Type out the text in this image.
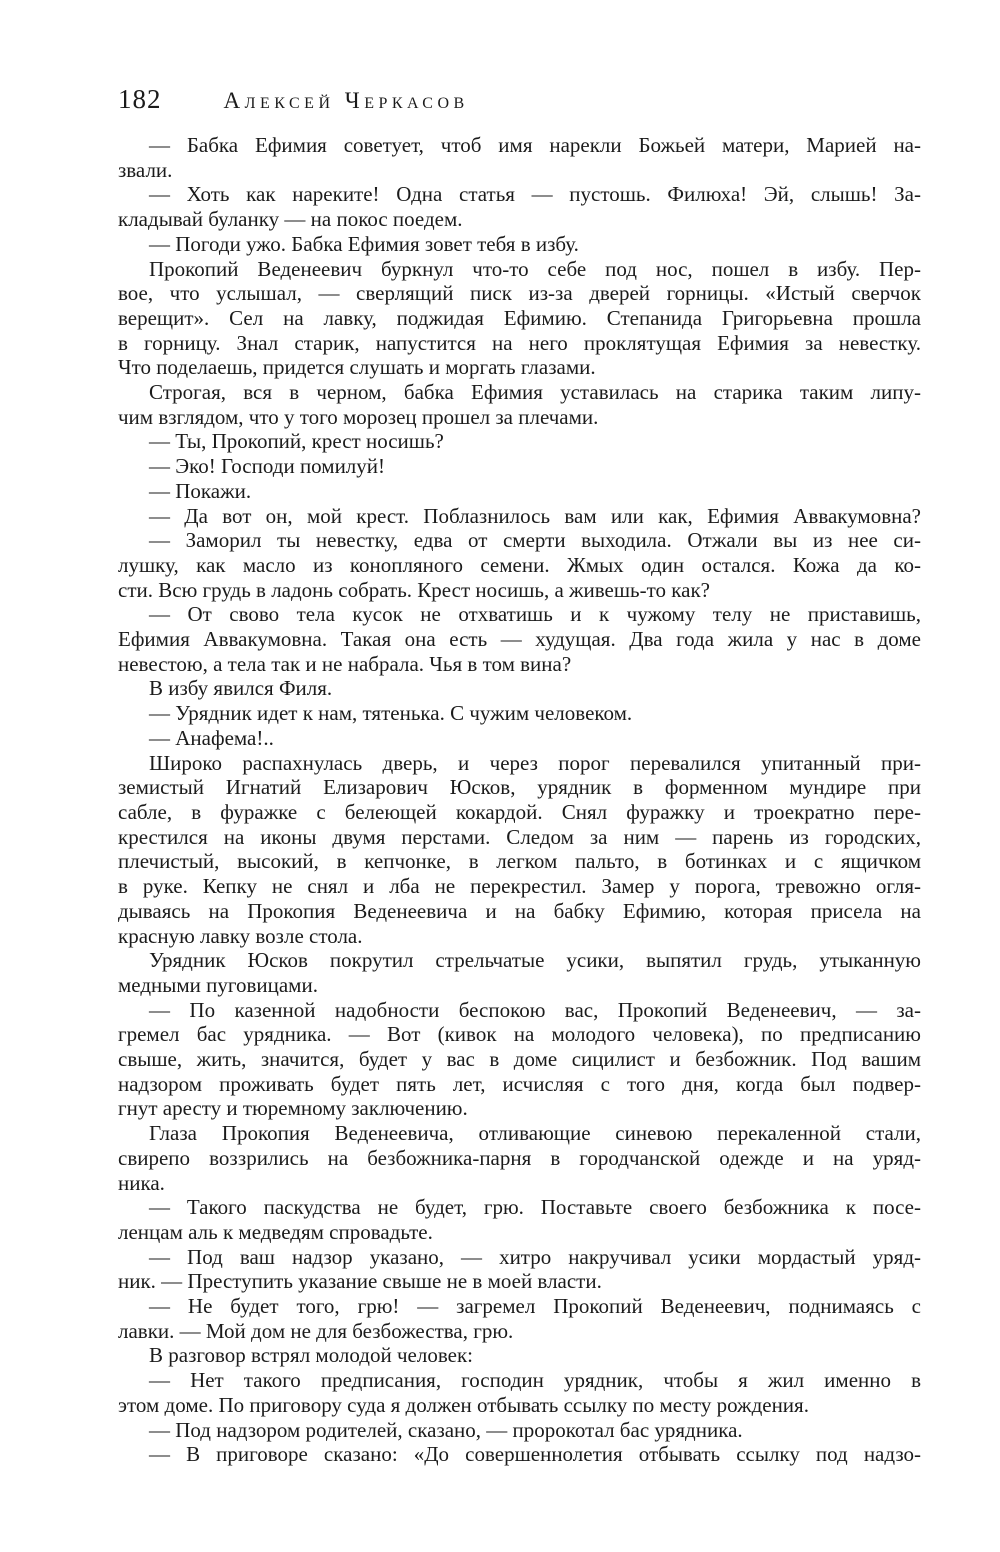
182	Алексей Черкасов

— Бабка Ефимия советует, чтоб имя нарекли Божьей матери, Марией на-
звали.

— Хоть как нареките! Одна статья — пустошь. Филюха! Эй, слышь! За-
кладывай буланку — на покос поедем.

— Погоди ужо. Бабка Ефимия зовет тебя в избу.

Прокопий Веденеевич буркнул что-то себе под нос, пошел в избу. Пер-
вое, что услышал, — сверлящий писк из-за дверей горницы. «Истый сверчок
верещит». Сел на лавку, поджидая Ефимию. Степанида Григорьевна прошла
в горницу. Знал старик, напустится на него проклятущая Ефимия за невестку.
Что поделаешь, придется слушать и моргать глазами.

Строгая, вся в черном, бабка Ефимия уставилась на старика таким липу-
чим взглядом, что у того морозец прошел за плечами.

— Ты, Прокопий, крест носишь?

— Эко! Господи помилуй!

— Покажи.

— Да вот он, мой крест. Поблазнилось вам или как, Ефимия Аввакумовна?

— Заморил ты невестку, едва от смерти выходила. Отжали вы из нее си-
лушку, как масло из конопляного семени. Жмых один остался. Кожа да ко-
сти. Всю грудь в ладонь собрать. Крест носишь, а живешь-то как?

— От свово тела кусок не отхватишь и к чужому телу не приставишь,
Ефимия Аввакумовна. Такая она есть — худущая. Два года жила у нас в доме
невестою, а тела так и не набрала. Чья в том вина?

В избу явился Филя.

— Урядник идет к нам, тятенька. С чужим человеком.

— Анафема!..

Широко распахнулась дверь, и через порог перевалился упитанный при-
земистый Игнатий Елизарович Юсков, урядник в форменном мундире при
сабле, в фуражке с белеющей кокардой. Снял фуражку и троекратно пере-
крестился на иконы двумя перстами. Следом за ним — парень из городских,
плечистый, высокий, в кепчонке, в легком пальто, в ботинках и с ящичком
в руке. Кепку не снял и лба не перекрестил. Замер у порога, тревожно огля-
дываясь на Прокопия Веденеевича и на бабку Ефимию, которая присела на
красную лавку возле стола.

Урядник Юсков покрутил стрельчатые усики, выпятил грудь, утыканную
медными пуговицами.

— По казенной надобности беспокою вас, Прокопий Веденеевич, — за-
гремел бас урядника. — Вот (кивок на молодого человека), по предписанию
свыше, жить, значится, будет у вас в доме сицилист и безбожник. Под вашим
надзором проживать будет пять лет, исчисляя с того дня, когда был подвер-
гнут аресту и тюремному заключению.

Глаза Прокопия Веденеевича, отливающие синевою перекаленной стали,
свирепо воззрились на безбожника-парня в городчанской одежде и на уряд-
ника.

— Такого паскудства не будет, грю. Поставьте своего безбожника к посе-
ленцам аль к медведям спровадьте.

— Под ваш надзор указано, — хитро накручивал усики мордастый уряд-
ник. — Преступить указание свыше не в моей власти.

— Не будет того, грю! — загремел Прокопий Веденеевич, поднимаясь с
лавки. — Мой дом не для безбожества, грю.

В разговор встрял молодой человек:

— Нет такого предписания, господин урядник, чтобы я жил именно в
этом доме. По приговору суда я должен отбывать ссылку по месту рождения.

— Под надзором родителей, сказано, — пророкотал бас урядника.

— В приговоре сказано: «До совершеннолетия отбывать ссылку под надзо-
